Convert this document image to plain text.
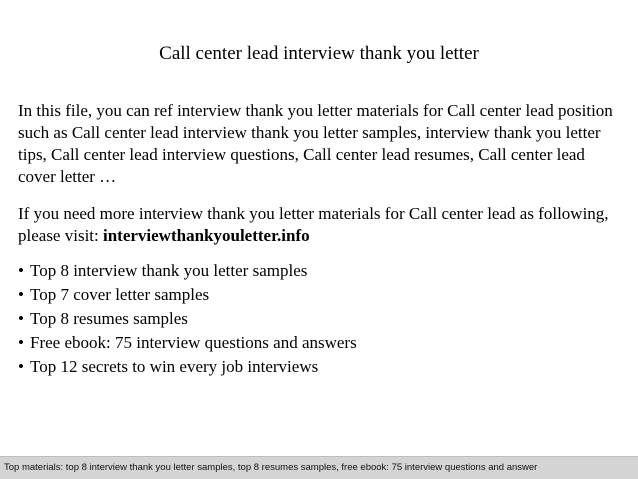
Call center lead interview thank you letter
In this file, you can ref interview thank you letter materials for Call center lead position such as Call center lead interview thank you letter samples, interview thank you letter tips, Call center lead interview questions, Call center lead resumes, Call center lead cover letter …
If you need more interview thank you letter materials for Call center lead as following, please visit: interviewthankyouletter.info
• Top 8 interview thank you letter samples
• Top 7 cover letter samples
• Top 8 resumes samples
• Free ebook: 75 interview questions and answers
• Top 12 secrets to win every job interviews
Top materials: top 8 interview thank you letter samples, top 8 resumes samples, free ebook: 75 interview questions and answer
